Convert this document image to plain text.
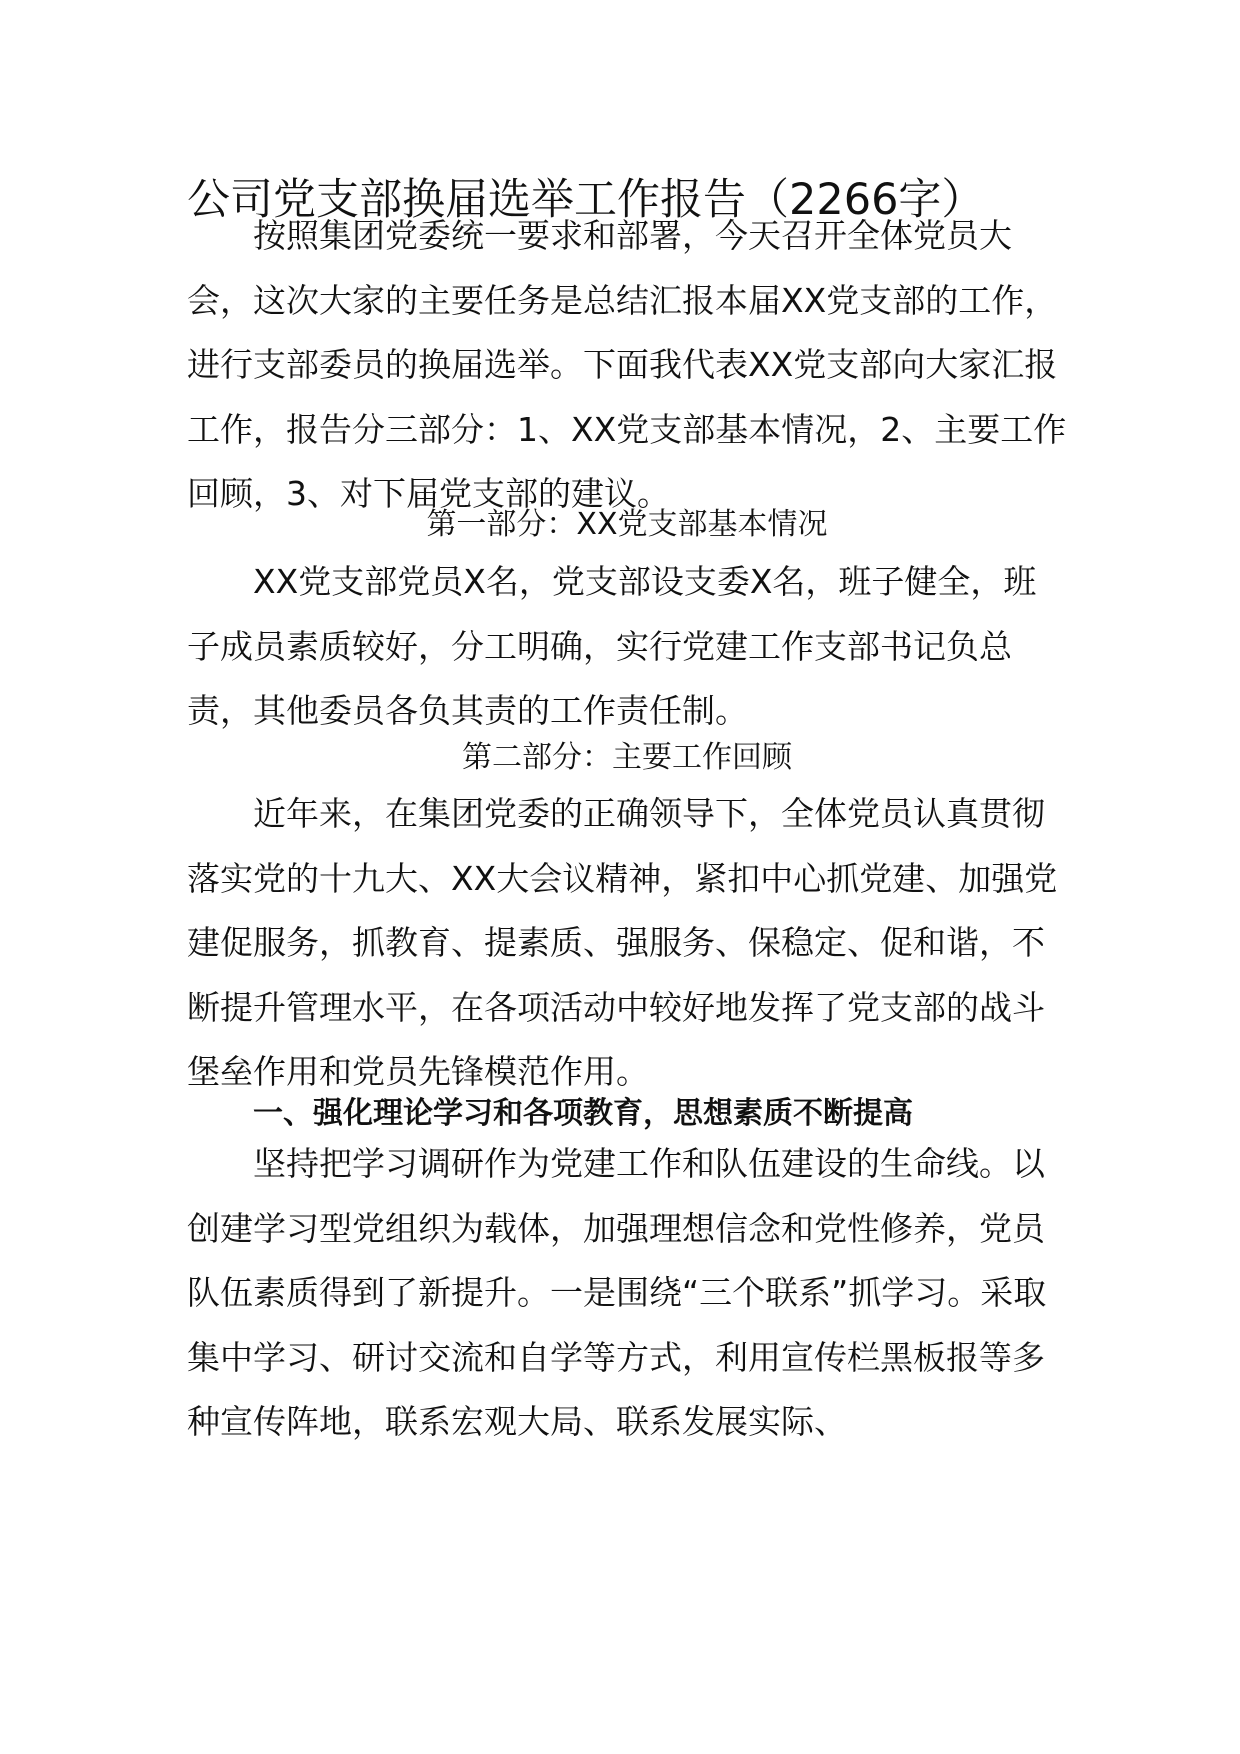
公司党支部换届选举工作报告（2266字）

按照集团党委统一要求和部署，今天召开全体党员大会，这次大家的主要任务是总结汇报本届XX党支部的工作，进行支部委员的换届选举。下面我代表XX党支部向大家汇报工作，报告分三部分：1、XX党支部基本情况，2、主要工作回顾，3、对下届党支部的建议。

第一部分：XX党支部基本情况

XX党支部党员X名，党支部设支委X名，班子健全，班子成员素质较好，分工明确，实行党建工作支部书记负总责，其他委员各负其责的工作责任制。

第二部分：主要工作回顾

近年来，在集团党委的正确领导下，全体党员认真贯彻落实党的十九大、XX大会议精神，紧扣中心抓党建、加强党建促服务，抓教育、提素质、强服务、保稳定、促和谐，不断提升管理水平，在各项活动中较好地发挥了党支部的战斗堡垒作用和党员先锋模范作用。

一、强化理论学习和各项教育，思想素质不断提高

坚持把学习调研作为党建工作和队伍建设的生命线。以创建学习型党组织为载体，加强理想信念和党性修养，党员队伍素质得到了新提升。一是围绕“三个联系”抓学习。采取集中学习、研讨交流和自学等方式，利用宣传栏黑板报等多种宣传阵地，联系宏观大局、联系发展实际、
